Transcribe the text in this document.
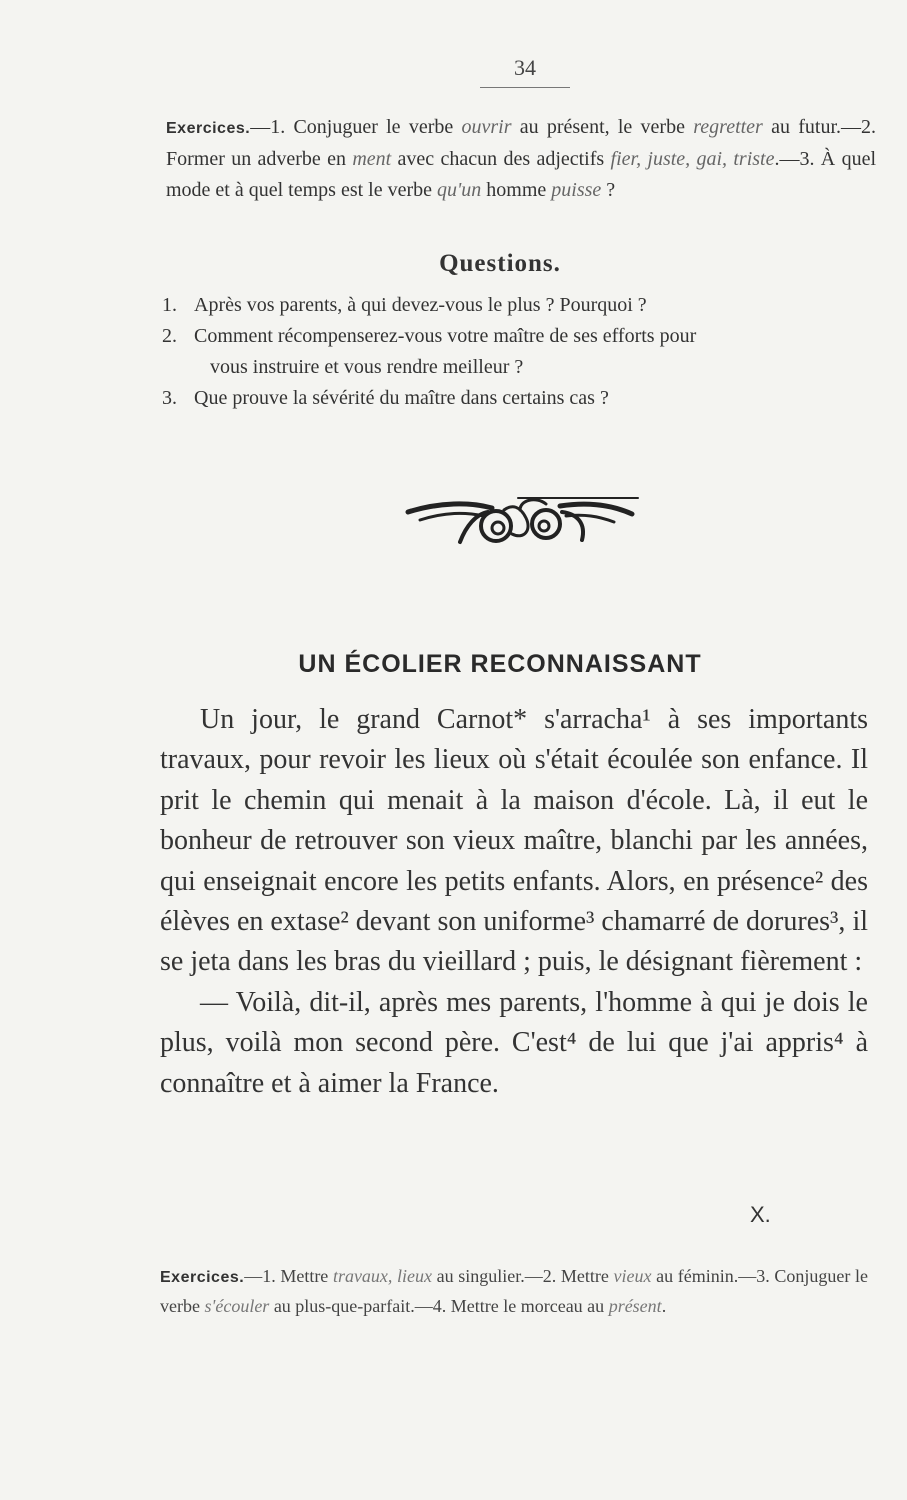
34
Exercices.—1. Conjuguer le verbe ouvrir au présent, le verbe regretter au futur.—2. Former un adverbe en ment avec chacun des adjectifs fier, juste, gai, triste.—3. À quel mode et à quel temps est le verbe qu'un homme puisse ?
Questions.
1. Après vos parents, à qui devez-vous le plus ? Pourquoi ?
2. Comment récompenserez-vous votre maître de ses efforts pour
vous instruire et vous rendre meilleur ?
3. Que prouve la sévérité du maître dans certains cas ?
UN ÉCOLIER RECONNAISSANT

Un jour, le grand Carnot* s'arracha¹ à ses importants travaux, pour revoir les lieux où s'était écoulée son enfance. Il prit le chemin qui menait à la maison d'école. Là, il eut le bonheur de retrouver son vieux maître, blanchi par les années, qui enseignait encore les petits enfants. Alors, en présence² des élèves en extase² devant son uniforme³ chamarré de dorures³, il se jeta dans les bras du vieillard ; puis, le désignant fièrement :

— Voilà, dit-il, après mes parents, l'homme à qui je dois le plus, voilà mon second père. C'est⁴ de lui que j'ai appris⁴ à connaître et à aimer la France.

X.
Exercices.—1. Mettre travaux, lieux au singulier.—2. Mettre vieux au féminin.—3. Conjuguer le verbe s'écouler au plus-que-parfait.—4. Mettre le morceau au présent.
